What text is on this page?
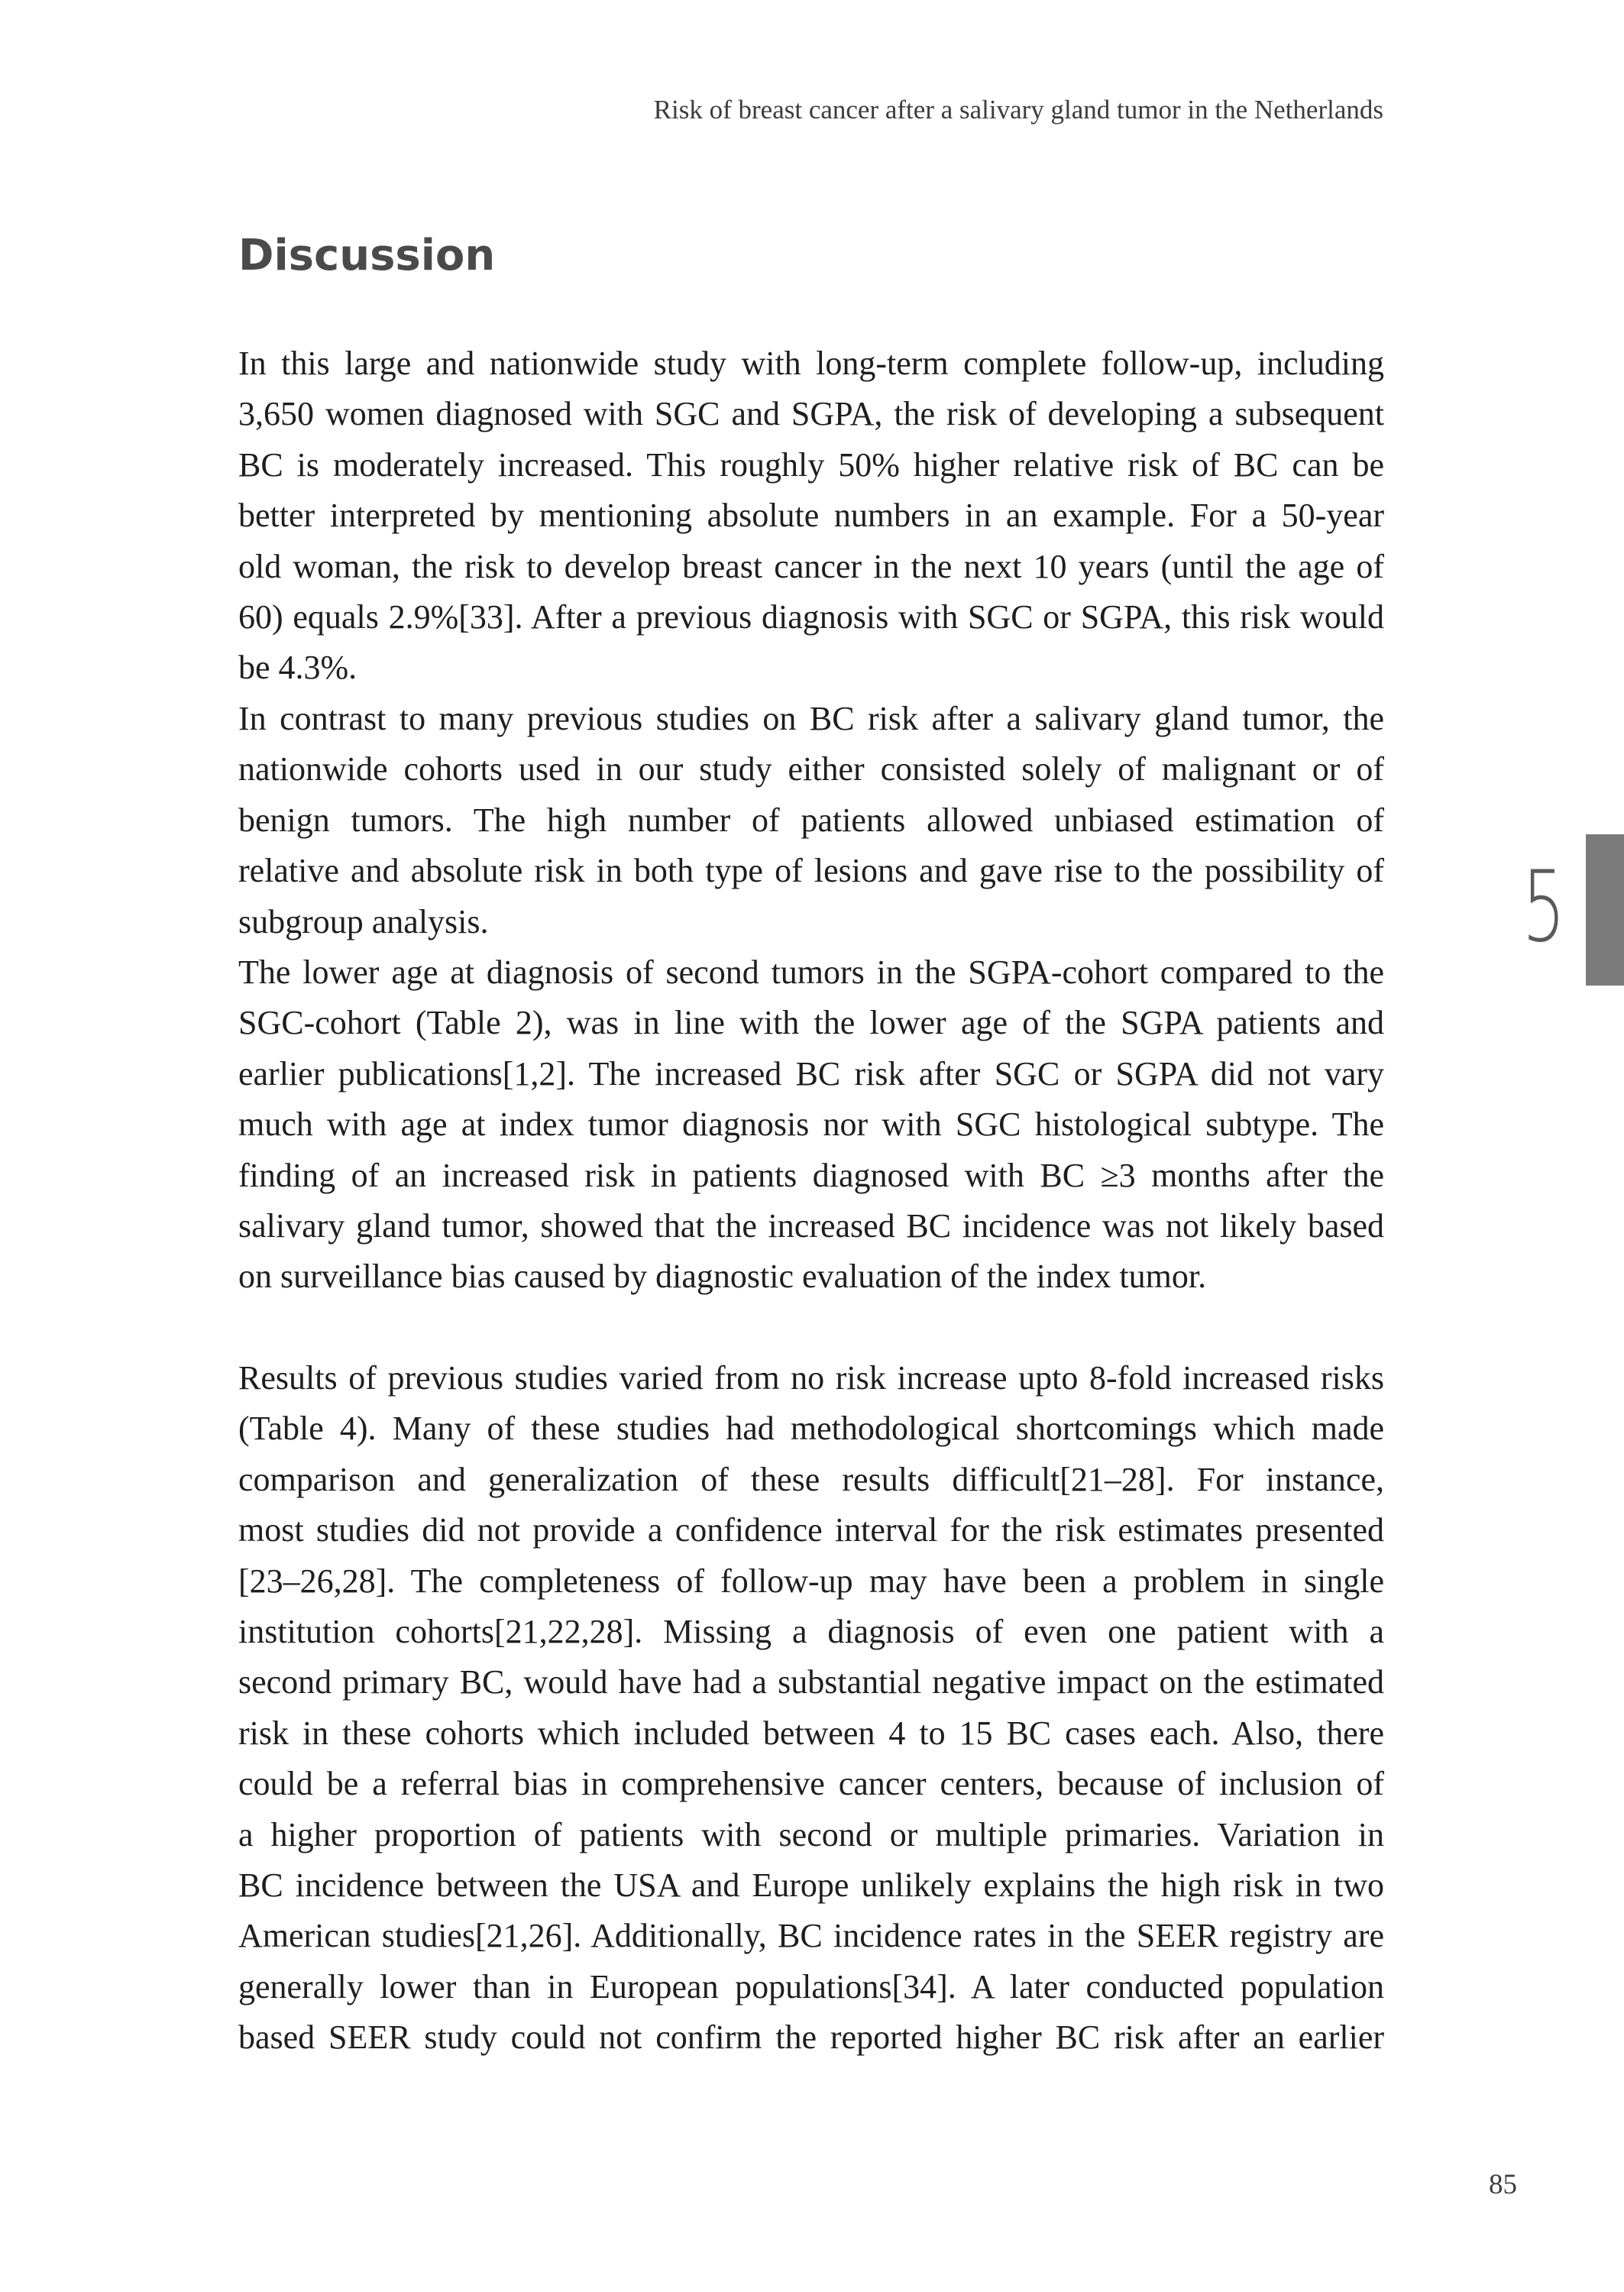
Risk of breast cancer after a salivary gland tumor in the Netherlands
Discussion
5

In this large and nationwide study with long-term complete follow-up, including
3,650 women diagnosed with SGC and SGPA, the risk of developing a subsequent
BC is moderately increased. This roughly 50% higher relative risk of BC can be
better interpreted by mentioning absolute numbers in an example. For a 50-year
old woman, the risk to develop breast cancer in the next 10 years (until the age of
60) equals 2.9%[33]. After a previous diagnosis with SGC or SGPA, this risk would
be 4.3%.

In contrast to many previous studies on BC risk after a salivary gland tumor, the
nationwide cohorts used in our study either consisted solely of malignant or of
benign tumors. The high number of patients allowed unbiased estimation of
relative and absolute risk in both type of lesions and gave rise to the possibility of
subgroup analysis.

The lower age at diagnosis of second tumors in the SGPA-cohort compared to the
SGC-cohort (Table 2), was in line with the lower age of the SGPA patients and
earlier publications[1,2]. The increased BC risk after SGC or SGPA did not vary
much with age at index tumor diagnosis nor with SGC histological subtype. The
finding of an increased risk in patients diagnosed with BC ≥3 months after the
salivary gland tumor, showed that the increased BC incidence was not likely based
on surveillance bias caused by diagnostic evaluation of the index tumor.

Results of previous studies varied from no risk increase upto 8-fold increased risks
(Table 4). Many of these studies had methodological shortcomings which made
comparison and generalization of these results difficult[21–28]. For instance,
most studies did not provide a confidence interval for the risk estimates presented
[23–26,28]. The completeness of follow-up may have been a problem in single
institution cohorts[21,22,28]. Missing a diagnosis of even one patient with a
second primary BC, would have had a substantial negative impact on the estimated
risk in these cohorts which included between 4 to 15 BC cases each. Also, there
could be a referral bias in comprehensive cancer centers, because of inclusion of
a higher proportion of patients with second or multiple primaries. Variation in
BC incidence between the USA and Europe unlikely explains the high risk in two
American studies[21,26]. Additionally, BC incidence rates in the SEER registry are
generally lower than in European populations[34]. A later conducted population
based SEER study could not confirm the reported higher BC risk after an earlier

85
